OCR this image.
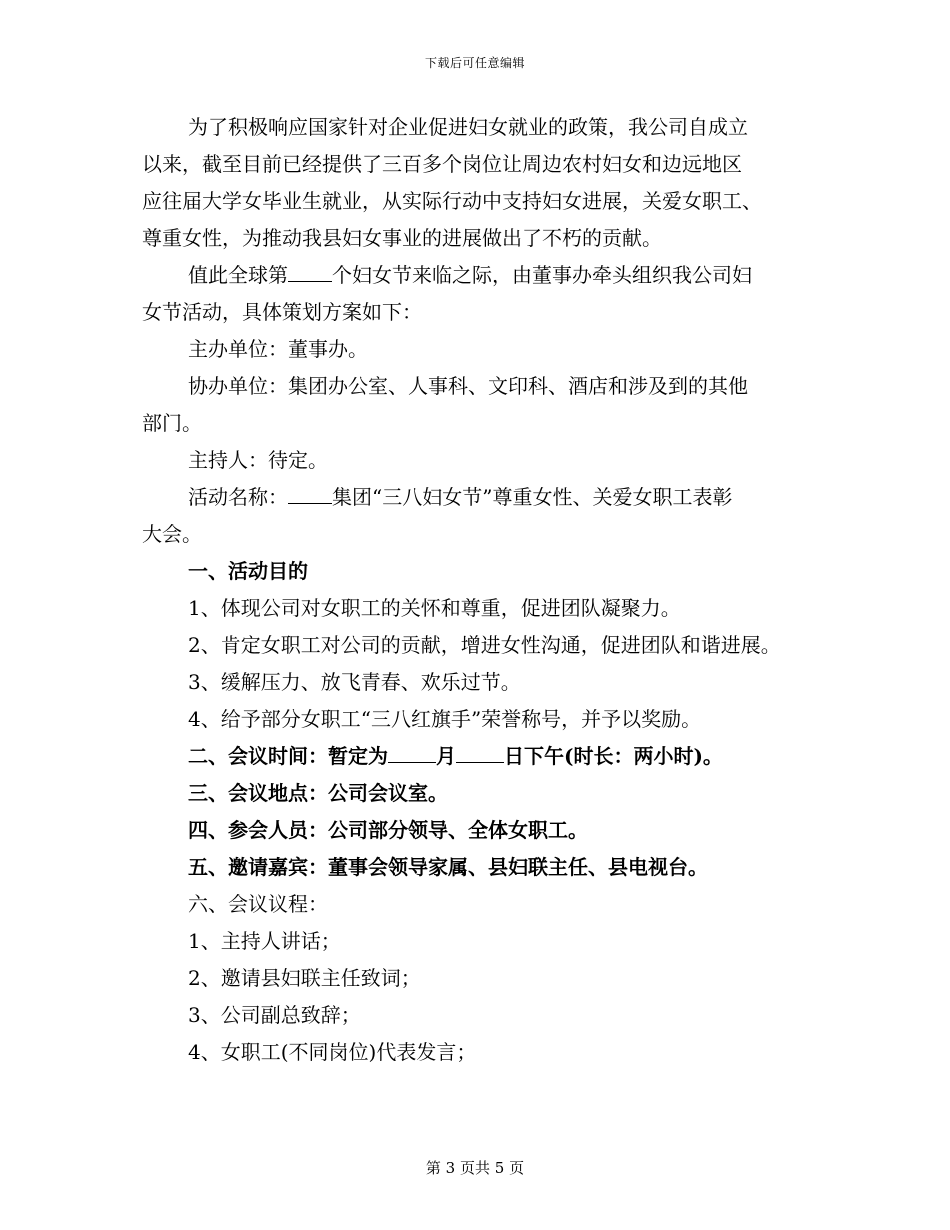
下载后可任意编辑

为了积极响应国家针对企业促进妇女就业的政策，我公司自成立

以来，截至目前已经提供了三百多个岗位让周边农村妇女和边远地区

应往届大学女毕业生就业，从实际行动中支持妇女进展，关爱女职工、

尊重女性，为推动我县妇女事业的进展做出了不朽的贡献。

值此全球第 个妇女节来临之际，由董事办牵头组织我公司妇

女节活动，具体策划方案如下：

主办单位：董事办。

协办单位：集团办公室、人事科、文印科、酒店和涉及到的其他

部门。

主持人：待定。

活动名称： 集团“三八妇女节”尊重女性、关爱女职工表彰

大会。

一、活动目的

1、体现公司对女职工的关怀和尊重，促进团队凝聚力。

2、肯定女职工对公司的贡献，增进女性沟通，促进团队和谐进展。

3、缓解压力、放飞青春、欢乐过节。

4、给予部分女职工“三八红旗手”荣誉称号，并予以奖励。

二、会议时间：暂定为 月 日下午(时长：两小时)。

三、会议地点：公司会议室。

四、参会人员：公司部分领导、全体女职工。

五、邀请嘉宾：董事会领导家属、县妇联主任、县电视台。

六、会议议程：

1、主持人讲话；

2、邀请县妇联主任致词；

3、公司副总致辞；

4、女职工(不同岗位)代表发言；

第 3 页共 5 页
